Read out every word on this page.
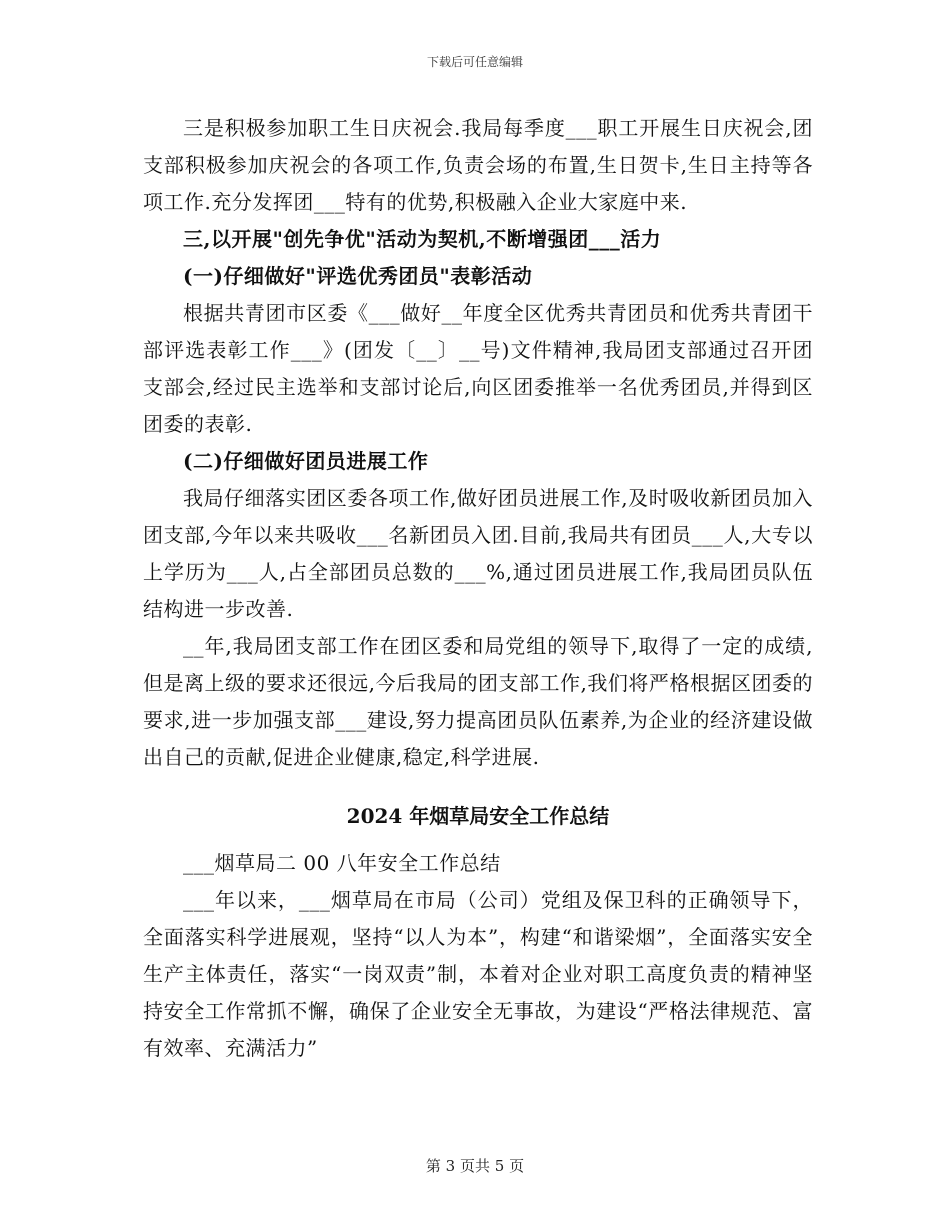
下载后可任意编辑

三是积极参加职工生日庆祝会.我局每季度___职工开展生日庆祝会,团支部积极参加庆祝会的各项工作,负责会场的布置,生日贺卡,生日主持等各项工作.充分发挥团___特有的优势,积极融入企业大家庭中来.

三,以开展"创先争优"活动为契机,不断增强团___活力

(一)仔细做好"评选优秀团员"表彰活动

根据共青团市区委《___做好__年度全区优秀共青团员和优秀共青团干部评选表彰工作___》(团发〔__〕__号)文件精神,我局团支部通过召开团支部会,经过民主选举和支部讨论后,向区团委推举一名优秀团员,并得到区团委的表彰.

(二)仔细做好团员进展工作

我局仔细落实团区委各项工作,做好团员进展工作,及时吸收新团员加入团支部,今年以来共吸收___名新团员入团.目前,我局共有团员___人,大专以上学历为___人,占全部团员总数的___%,通过团员进展工作,我局团员队伍结构进一步改善.

__年,我局团支部工作在团区委和局党组的领导下,取得了一定的成绩,但是离上级的要求还很远,今后我局的团支部工作,我们将严格根据区团委的要求,进一步加强支部___建设,努力提高团员队伍素养,为企业的经济建设做出自己的贡献,促进企业健康,稳定,科学进展.

2024 年烟草局安全工作总结

___烟草局二 00 八年安全工作总结

___年以来，___烟草局在市局（公司）党组及保卫科的正确领导下，全面落实科学进展观，坚持“以人为本”，构建“和谐梁烟”，全面落实安全生产主体责任，落实“一岗双责”制，本着对企业对职工高度负责的精神坚持安全工作常抓不懈，确保了企业安全无事故，为建设“严格法律规范、富有效率、充满活力”

第 3 页共 5 页
